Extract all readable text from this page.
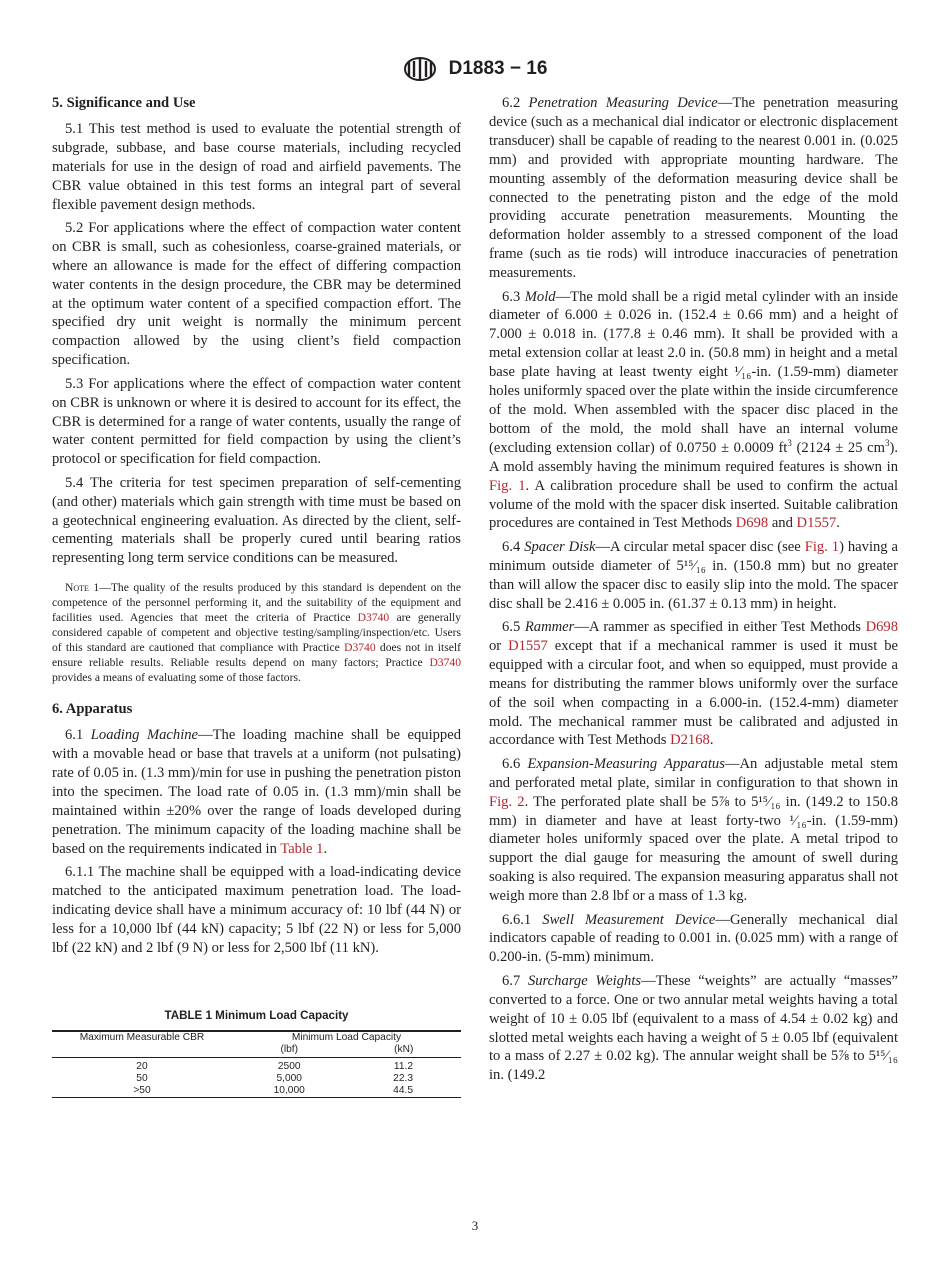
D1883 − 16
5. Significance and Use

5.1 This test method is used to evaluate the potential strength of subgrade, subbase, and base course materials, including recycled materials for use in the design of road and airfield pavements. The CBR value obtained in this test forms an integral part of several flexible pavement design methods.

5.2 For applications where the effect of compaction water content on CBR is small, such as cohesionless, coarse-grained materials, or where an allowance is made for the effect of differing compaction water contents in the design procedure, the CBR may be determined at the optimum water content of a specified compaction effort. The specified dry unit weight is normally the minimum percent compaction allowed by the using client’s field compaction specification.

5.3 For applications where the effect of compaction water content on CBR is unknown or where it is desired to account for its effect, the CBR is determined for a range of water contents, usually the range of water content permitted for field compaction by using the client’s protocol or specification for field compaction.

5.4 The criteria for test specimen preparation of self-cementing (and other) materials which gain strength with time must be based on a geotechnical engineering evaluation. As directed by the client, self-cementing materials shall be properly cured until bearing ratios representing long term service conditions can be measured.

Note 1—The quality of the results produced by this standard is dependent on the competence of the personnel performing it, and the suitability of the equipment and facilities used. Agencies that meet the criteria of Practice D3740 are generally considered capable of competent and objective testing/sampling/inspection/etc. Users of this standard are cautioned that compliance with Practice D3740 does not in itself ensure reliable results. Reliable results depend on many factors; Practice D3740 provides a means of evaluating some of those factors.

6. Apparatus

6.1 Loading Machine—The loading machine shall be equipped with a movable head or base that travels at a uniform (not pulsating) rate of 0.05 in. (1.3 mm)/min for use in pushing the penetration piston into the specimen. The load rate of 0.05 in. (1.3 mm)/min shall be maintained within ±20% over the range of loads developed during penetration. The minimum capacity of the loading machine shall be based on the requirements indicated in Table 1.

6.1.1 The machine shall be equipped with a load-indicating device matched to the anticipated maximum penetration load. The load-indicating device shall have a minimum accuracy of: 10 lbf (44 N) or less for a 10,000 lbf (44 kN) capacity; 5 lbf (22 N) or less for 5,000 lbf (22 kN) and 2 lbf (9 N) or less for 2,500 lbf (11 kN).

TABLE 1 Minimum Load Capacity
Maximum Measurable CBR	Minimum Load Capacity	
	(lbf)	(kN)
20	2500	11.2
50	5,000	22.3
>50	10,000	44.5

6.2 Penetration Measuring Device—The penetration measuring device (such as a mechanical dial indicator or electronic displacement transducer) shall be capable of reading to the nearest 0.001 in. (0.025 mm) and provided with appropriate mounting hardware. The mounting assembly of the deformation measuring device shall be connected to the penetrating piston and the edge of the mold providing accurate penetration measurements. Mounting the deformation holder assembly to a stressed component of the load frame (such as tie rods) will introduce inaccuracies of penetration measurements.

6.3 Mold—The mold shall be a rigid metal cylinder with an inside diameter of 6.000 ± 0.026 in. (152.4 ± 0.66 mm) and a height of 7.000 ± 0.018 in. (177.8 ± 0.46 mm). It shall be provided with a metal extension collar at least 2.0 in. (50.8 mm) in height and a metal base plate having at least twenty eight ¹⁄₁₆-in. (1.59-mm) diameter holes uniformly spaced over the plate within the inside circumference of the mold. When assembled with the spacer disc placed in the bottom of the mold, the mold shall have an internal volume (excluding extension collar) of 0.0750 ± 0.0009 $ft^3$ (2124 ± 25 $cm^3$). A mold assembly having the minimum required features is shown in Fig. 1. A calibration procedure shall be used to confirm the actual volume of the mold with the spacer disk inserted. Suitable calibration procedures are contained in Test Methods D698 and D1557.

6.4 Spacer Disk—A circular metal spacer disc (see Fig. 1) having a minimum outside diameter of 5¹⁵⁄₁₆ in. (150.8 mm) but no greater than will allow the spacer disc to easily slip into the mold. The spacer disc shall be 2.416 ± 0.005 in. (61.37 ± 0.13 mm) in height.

6.5 Rammer—A rammer as specified in either Test Methods D698 or D1557 except that if a mechanical rammer is used it must be equipped with a circular foot, and when so equipped, must provide a means for distributing the rammer blows uniformly over the surface of the soil when compacting in a 6.000-in. (152.4-mm) diameter mold. The mechanical rammer must be calibrated and adjusted in accordance with Test Methods D2168.

6.6 Expansion-Measuring Apparatus—An adjustable metal stem and perforated metal plate, similar in configuration to that shown in Fig. 2. The perforated plate shall be 5⅞ to 5¹⁵⁄₁₆ in. (149.2 to 150.8 mm) in diameter and have at least forty-two ¹⁄₁₆-in. (1.59-mm) diameter holes uniformly spaced over the plate. A metal tripod to support the dial gauge for measuring the amount of swell during soaking is also required. The expansion measuring apparatus shall not weigh more than 2.8 lbf or a mass of 1.3 kg.

6.6.1 Swell Measurement Device—Generally mechanical dial indicators capable of reading to 0.001 in. (0.025 mm) with a range of 0.200-in. (5-mm) minimum.

6.7 Surcharge Weights—These “weights” are actually “masses” converted to a force. One or two annular metal weights having a total weight of 10 ± 0.05 lbf (equivalent to a mass of 4.54 ± 0.02 kg) and slotted metal weights each having a weight of 5 ± 0.05 lbf (equivalent to a mass of 2.27 ± 0.02 kg). The annular weight shall be 5⅞ to 5¹⁵⁄₁₆ in. (149.2

3
